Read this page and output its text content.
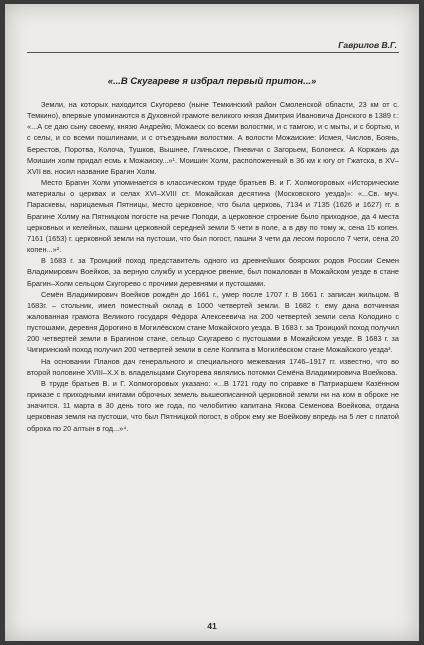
Гаврилов В.Г.
«...В Скугареве я избрал первый притон...»

Земли, на которых находится Скугорево (ныне Темкинский район Смоленской области, 23 км от с. Темкино), впервые упоминаются в Духовной грамоте великого князя Дмитрия Ивановича Донского в 1389 г.: «...А се даю сыну своему, князю Андрейю, Можаеск со всеми волостми, и с тамгою, и с мыты, и с бортью, и с селы, и со всеми пошлинами, и с отъездными волостми. А волости Можаиские: Исмея, Числов, Боянь, Берестов, Поротва, Колоча, Тушков, Вышнее, Глиньское, Пневичи с Загорьем, Болонеск. А Коржань да Моишин холм придал есмь к Можаиску...»¹. Моишин Холм, расположенный в 36 км к югу от Гжатска, в XV–XVII вв. носил название Брагин Холм.

Место Брагин Холм упоминается в классическом труде братьев В. и Г. Холмогоровых «Исторические материалы о церквах и селах XVI–XVIII ст. Можайская десятина (Московского уезда)»: «...Св. муч. Параскевы, нарицаемыя Пятницы, место церковное, что была церковь, 7134 и 7135 (1626 и 1627) гг. в Брагине Холму на Пятницком погосте на речке Поподи, а церковное строение было приходное, да 4 места церковных и келейных, пашни церковной середней земли 5 чети в поле, а в дву по тому ж, сена 15 копен. 7161 (1653) г. церковной земли на пустоши, что был погост, пашни 3 чети да лесом поросло 7 чети, сена 20 копен...»².

В 1683 г. за Троицкий поход представитель одного из древнейших боярских родов России Семен Владимирович Воейков, за верную службу и усердное рвение, был пожалован в Можайском уезде в стане Брагин–Холм сельцом Скугорево с прочими деревнями и пустошами.

Семён Владимирович Воейков рождён до 1661 г., умер после 1707 г. В 1661 г. записан жильцом. В 1683г. – стольник, имел поместный оклад в 1000 четвертей земли. В 1682 г. ему дана вотчинная жалованная грамота Великого государя Фёдора Алексеевича на 200 четвертей земли села Колодино с пустошами, деревня Дорогино в Могилёвском стане Можайского уезда. В 1683 г. за Троицкий поход получил 200 четвертей земли в Брагином стане, сельцо Скугарево с пустошами в Можайском уезде. В 1683 г. за Чигиринский поход получил 200 четвертей земли в селе Колпита в Могилёвском стане Можайского уезда³.

На основании Планов дач генерального и специального межевания 1746–1917 гг. известно, что во второй половине XVIII–X.X в. владельцами Скугорева являлись потомки Семёна Владимировича Воейкова.

В труде братьев В. и Г. Холмогоровых указано: «...В 1721 году по справке в Патриаршем Казённом приказе с приходными книгами оброчных земель вышеописанной церковной земли ни на ком в оброке не значится. 11 марта в 30 день того же года, по челобитию капитана Якова Семенова Воейкова, отдана церковная земля на пустоши, что был Пятницкой погост, в оброк ему же Воейкову впредь на 5 лет с платой оброка по 20 алтын в год...»⁴.

41
